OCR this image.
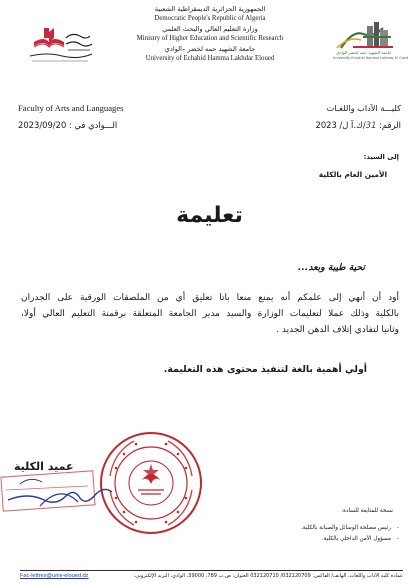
الجمهورية الجزائرية الديمقراطية الشعبية
Democratic People's Republic of Algeria
وزارة التعليم العالي والبحث العلمي
Ministry of Higher Education and Scientific Research
جامعة الشهيد حمه لخضر –الوادي
University of Echahid Hamma Lakhdar Eloued
جامعة الشهيد حمه لخضر الوادي
University Echahid Hamma Lakhdar El Oued
Faculty of Arts and Languages	كليـــة الآداب واللغـات
الـــوادي في : 2023/09/20	الرقم: 31/ك.آ ل/ 2023
إلى السيد:
الأمين العام بالكلية
تعليمة
تحية طيبة وبعد...

أود أن أنهي إلى علمكم أنه يمنع منعا باتا تعليق أي من الملصقات الورقية على الجدران

بالكلية وذلك عملا لتعليمات الوزارة والسيد مدير الجامعة المتعلقة برقمنة التعليم العالي أولا،

وثانيا لتفادي إتلاف الدهن الجديد .

أولي أهمية بالغة لتنفيذ محتوى هذه التعليمة.
عميد الكلية
نسخة للمتابعة للسادة:
-رئيس مصلحة الوسائل والصيانة بالكلية.
-مسؤول الأمن الداخلي بالكلية.
Fac-lettres@univ-eloued.dz	عمادة كلية الآداب واللغات، الهاتف/ الفاكس: 032120709/ 032120710 العنوان: ص.ب 789، 39000، الوادي، البريد الإلكتروني:
